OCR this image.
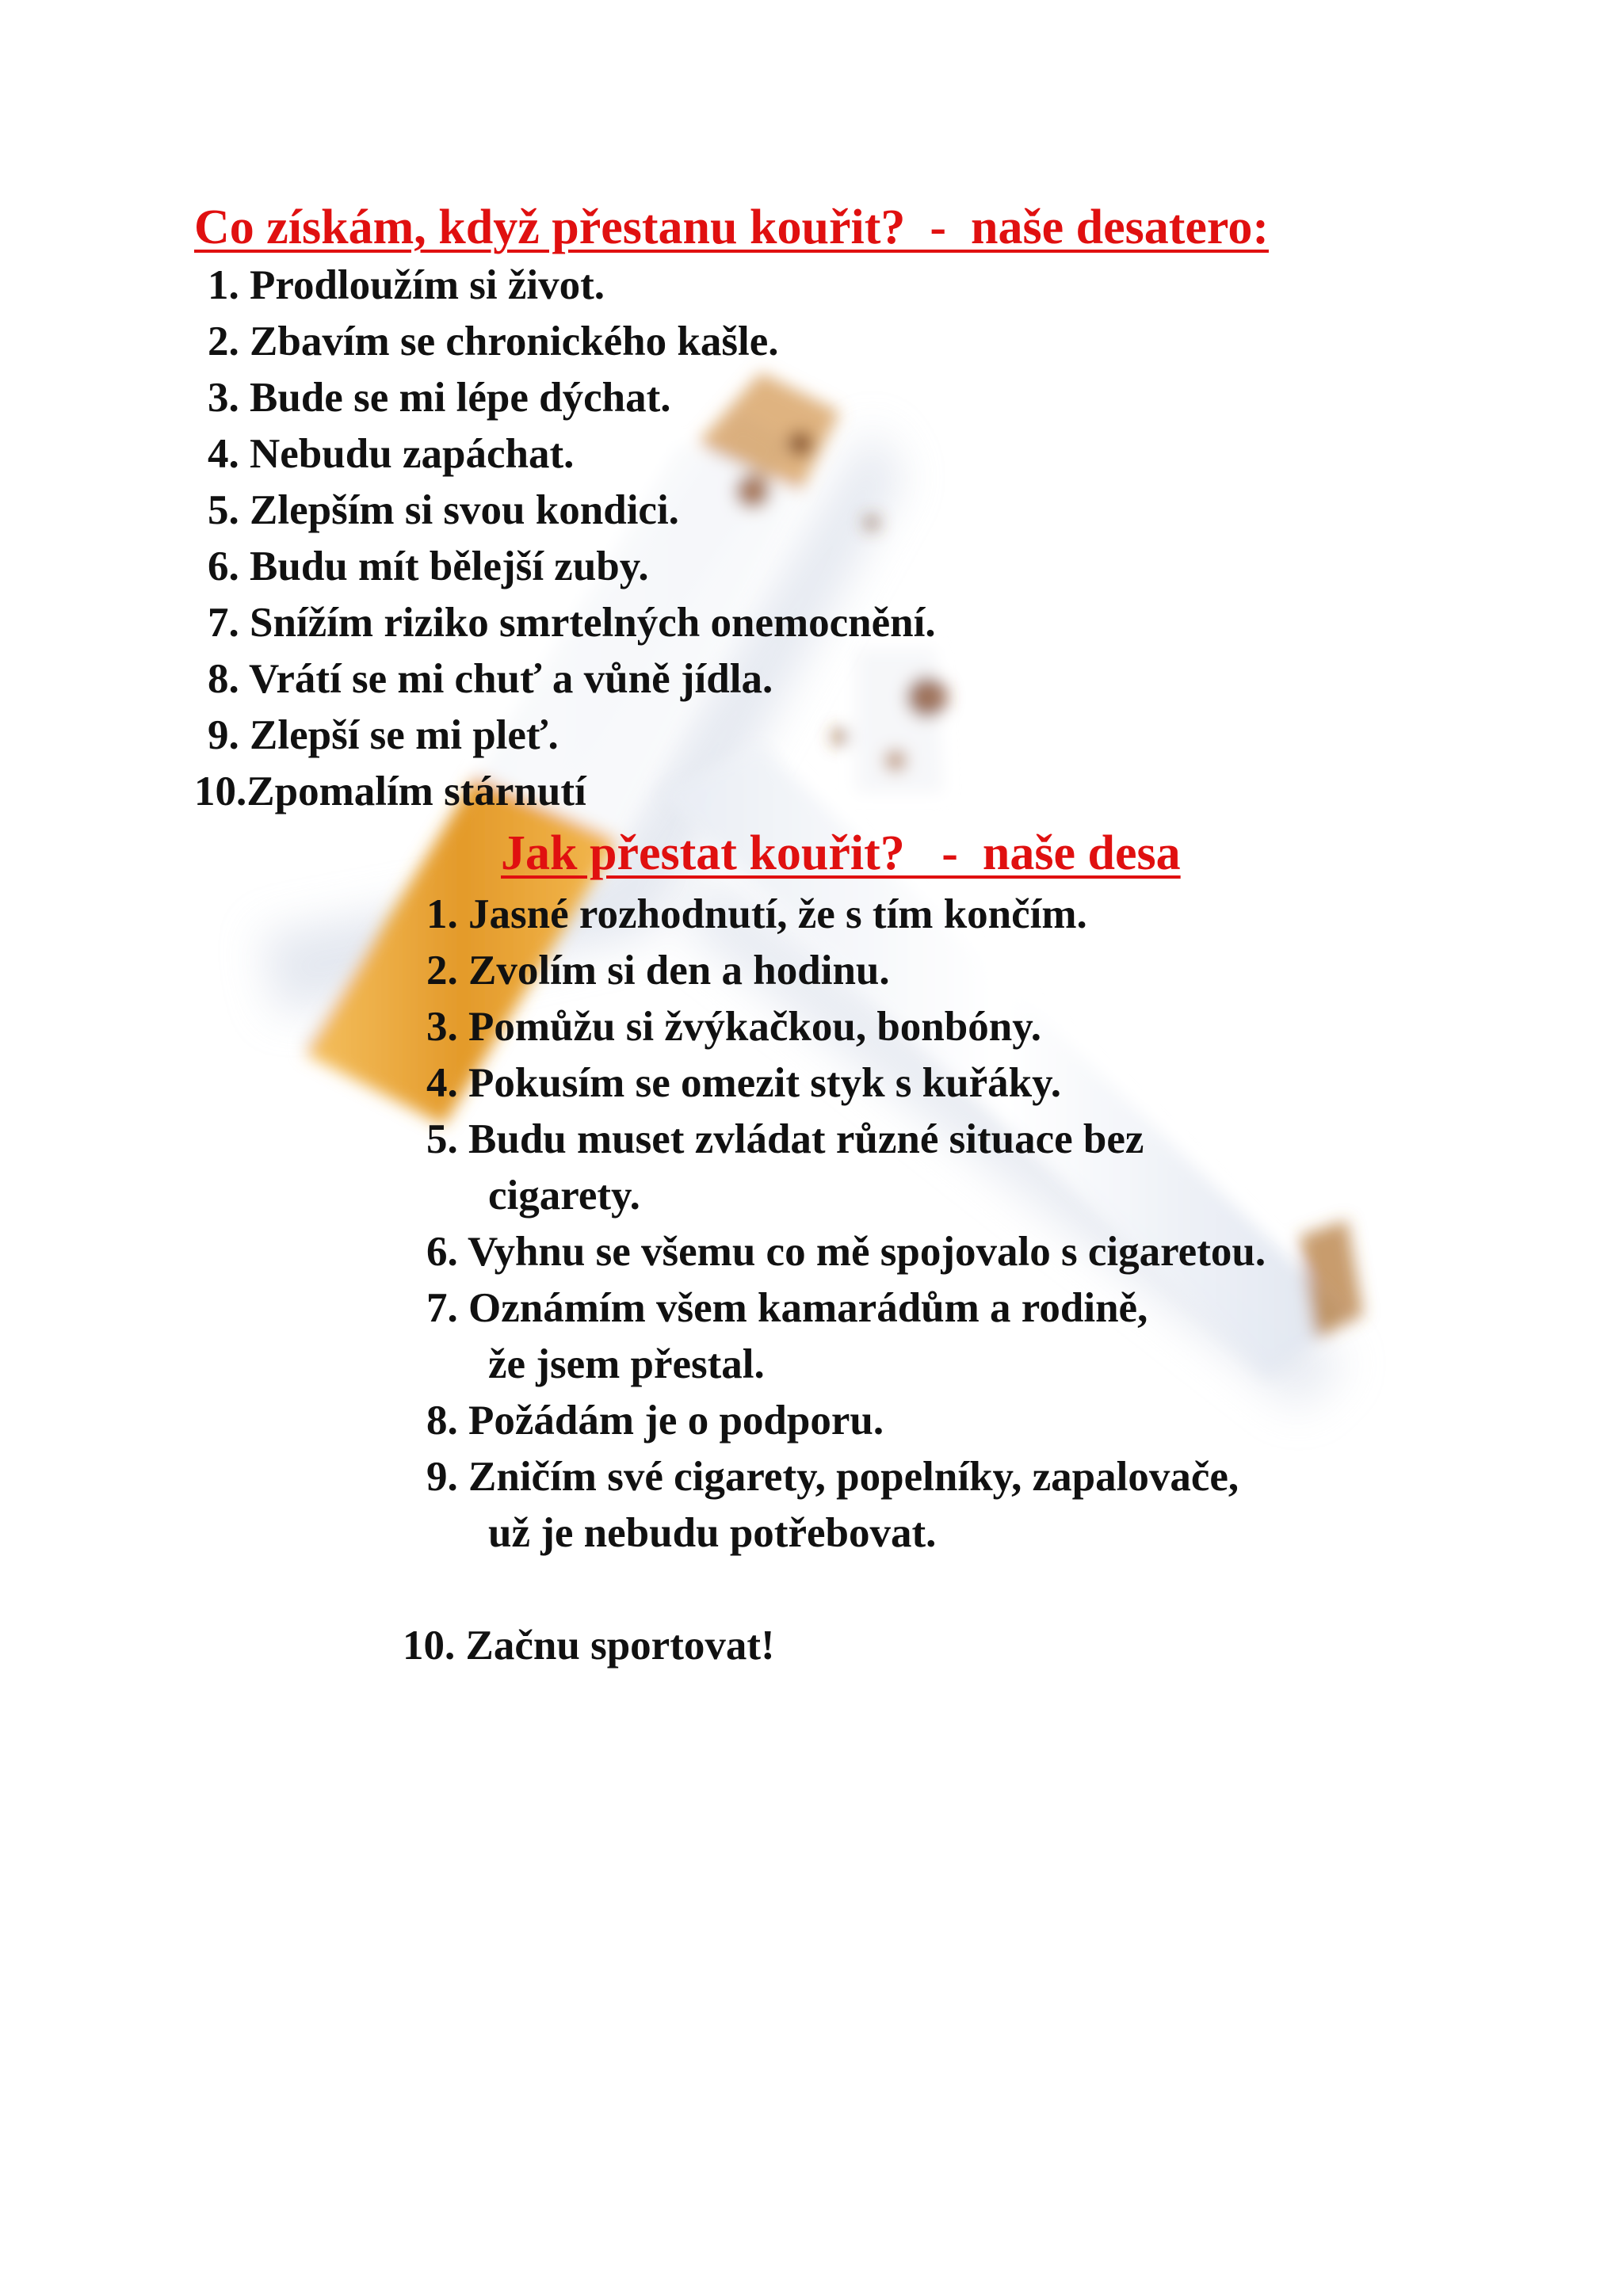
Co získám, když přestanu kouřit?  -  naše desatero:
1. Prodloužím si život.
2. Zbavím se chronického kašle.
3. Bude se mi lépe dýchat.
4. Nebudu zapáchat.
5. Zlepším si svou kondici.
6. Budu mít bělejší zuby.
7. Snížím riziko smrtelných onemocnění.
8. Vrátí se mi chuť a vůně jídla.
9. Zlepší se mi pleť.
10.Zpomalím stárnutí
Jak přestat kouřit?   -  naše desa
1. Jasné rozhodnutí, že s tím končím.
2. Zvolím si den a hodinu.
3. Pomůžu si žvýkačkou, bonbóny.
4. Pokusím se omezit styk s kuřáky.
5. Budu muset zvládat různé situace bez
cigarety.
6. Vyhnu se všemu co mě spojovalo s cigaretou.
7. Oznámím všem kamarádům a rodině,
že jsem přestal.
8. Požádám je o podporu.
9. Zničím své cigarety, popelníky, zapalovače,
už je nebudu potřebovat.
10. Začnu sportovat!
